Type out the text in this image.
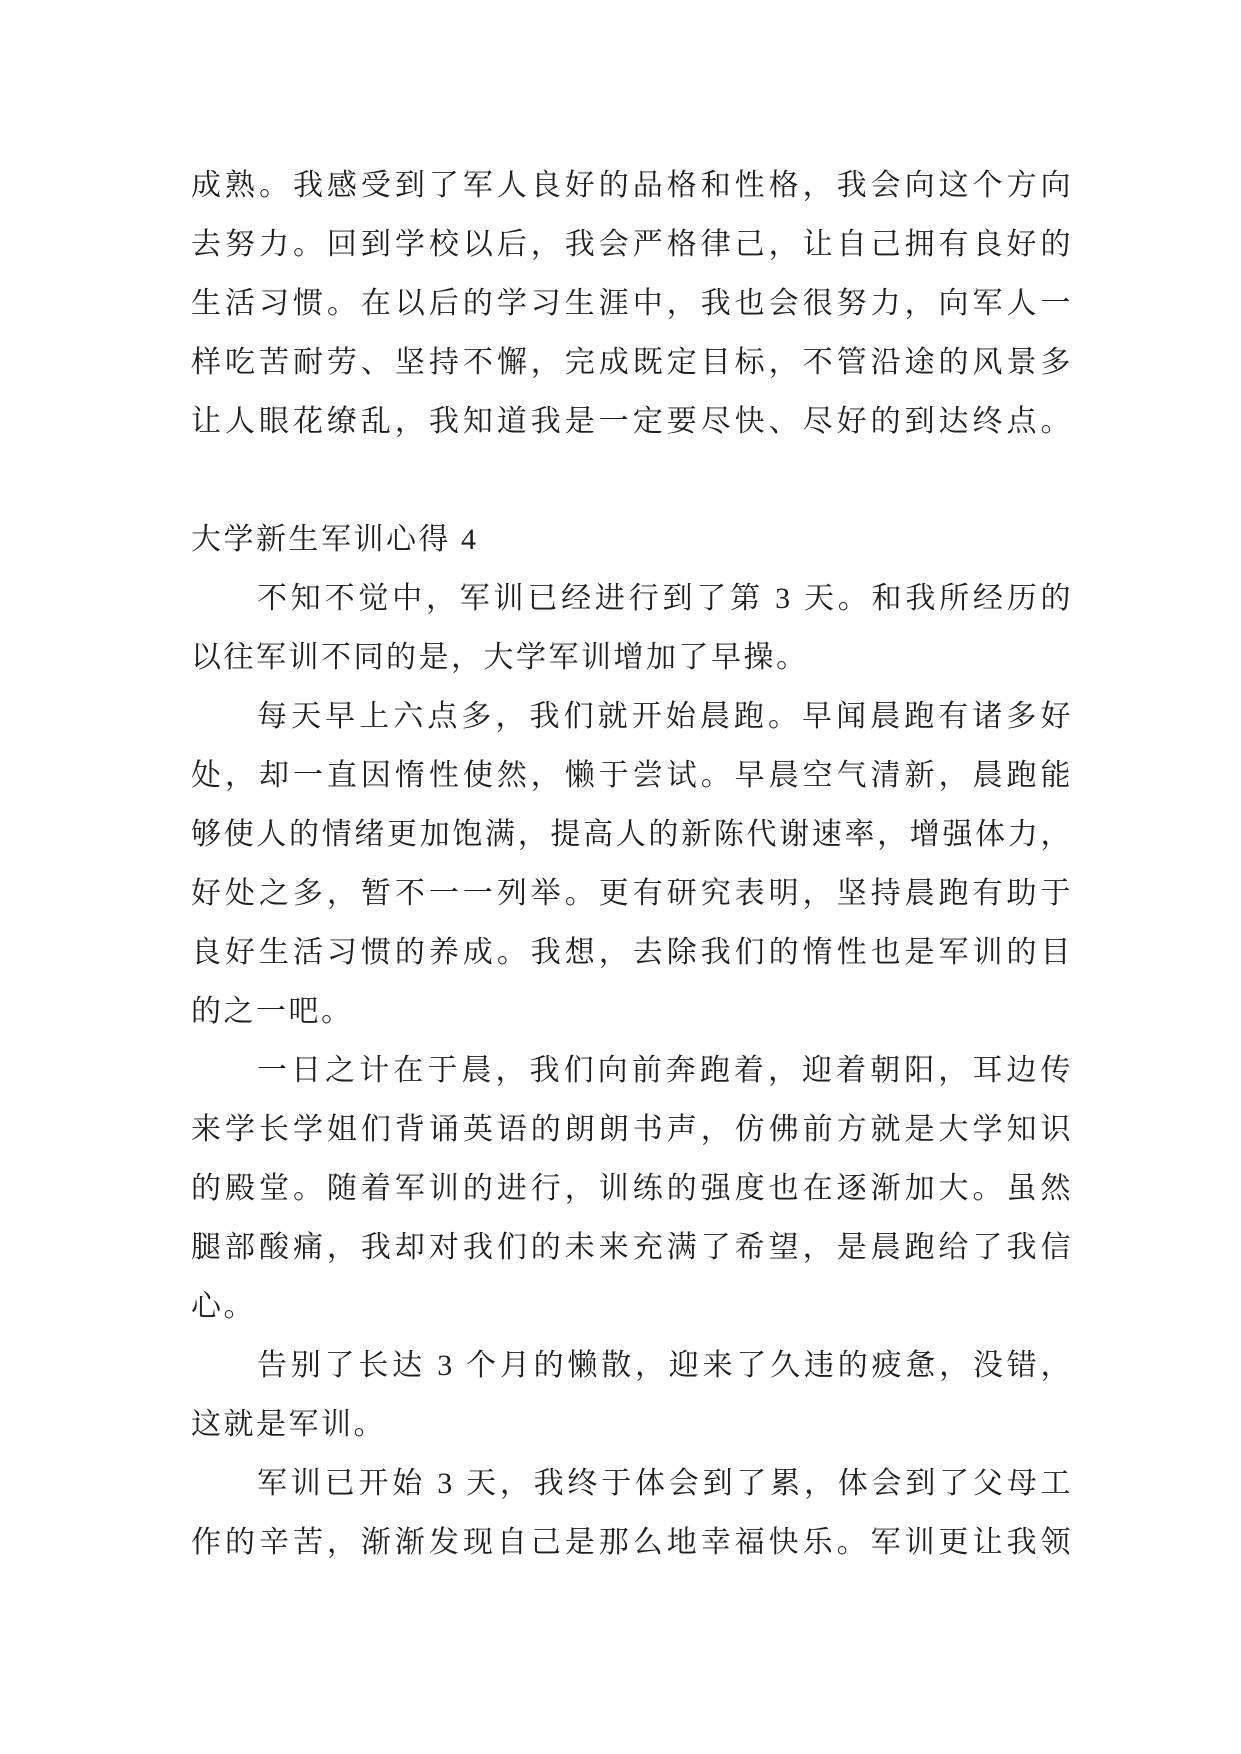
成熟。我感受到了军人良好的品格和性格，我会向这个方向
去努力。回到学校以后，我会严格律己，让自己拥有良好的
生活习惯。在以后的学习生涯中，我也会很努力，向军人一
样吃苦耐劳、坚持不懈，完成既定目标，不管沿途的风景多
让人眼花缭乱，我知道我是一定要尽快、尽好的到达终点。
大学新生军训心得 4
不知不觉中，军训已经进行到了第 3 天。和我所经历的
以往军训不同的是，大学军训增加了早操。
每天早上六点多，我们就开始晨跑。早闻晨跑有诸多好
处，却一直因惰性使然，懒于尝试。早晨空气清新，晨跑能
够使人的情绪更加饱满，提高人的新陈代谢速率，增强体力，
好处之多，暂不一一列举。更有研究表明，坚持晨跑有助于
良好生活习惯的养成。我想，去除我们的惰性也是军训的目
的之一吧。
一日之计在于晨，我们向前奔跑着，迎着朝阳，耳边传
来学长学姐们背诵英语的朗朗书声，仿佛前方就是大学知识
的殿堂。随着军训的进行，训练的强度也在逐渐加大。虽然
腿部酸痛，我却对我们的未来充满了希望，是晨跑给了我信
心。
告别了长达 3 个月的懒散，迎来了久违的疲惫，没错，
这就是军训。
军训已开始 3 天，我终于体会到了累，体会到了父母工
作的辛苦，渐渐发现自己是那么地幸福快乐。军训更让我领
